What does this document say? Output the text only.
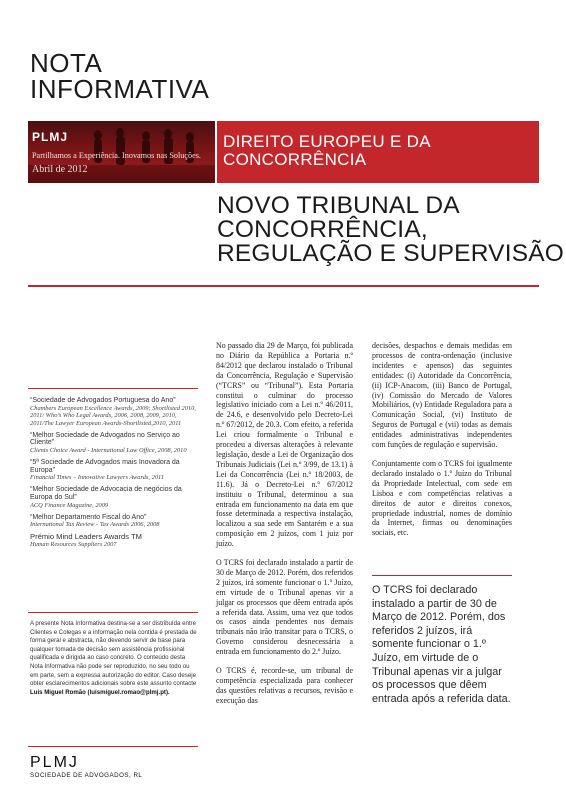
NOTA
INFORMATIVA
PLMJ
Partilhamos a Experiência. Inovamos nas Soluções.
Abril de 2012
DIREITO EUROPEU E DA
CONCORRÊNCIA
NOVO TRIBUNAL DA
CONCORRÊNCIA,
REGULAÇÃO E SUPERVISÃO
“Sociedade de Advogados Portuguesa do Ano”
Chambers European Excellence Awards, 2009; Shortlisted 2010, 2011/ Who’s Who Legal Awards, 2006, 2008, 2009, 2010, 2011/The Lawyer European Awards-Shortlisted,2010, 2011
“Melhor Sociedade de Advogados no Serviço ao Cliente”
Clients Choice Award - International Law Office, 2008, 2010
“5ª Sociedade de Advogados mais Inovadora da Europa”
Financial Times – Innovative Lawyers Awards, 2011
“Melhor Sociedade de Advocacia de negócios da Europa do Sul”
ACQ Finance Magazine, 2009
“Melhor Departamento Fiscal do Ano”
International Tax Review - Tax Awards 2006, 2008
Prémio Mind Leaders Awards TM
Human Resources Suppliers 2007
A presente Nota Informativa destina-se a ser distribuída entre Clientes e Colegas e a informação nela contida é prestada de forma geral e abstracta, não devendo servir de base para qualquer tomada de decisão sem assistência profissional qualificada e dirigida ao caso concreto. O conteúdo desta Nota Informativa não pode ser reproduzido, no seu todo ou em parte, sem a expressa autorização do editor. Caso deseje obter esclarecimentos adicionais sobre este assunto contacte Luís Miguel Romão (luismiguel.romao@plmj.pt).
PLMJ
SOCIEDADE DE ADVOGADOS, RL

No passado dia 29 de Março, foi publicada no Diário da República a Portaria n.º 84/2012 que declarou instalado o Tribunal da Concorrência, Regulação e Supervisão (“TCRS” ou “Tribunal”). Esta Portaria constitui o culminar do processo legislativo iniciado com a Lei n.º 46/2011, de 24.6, e desenvolvido pelo Decreto-Lei n.º 67/2012, de 20.3. Com efeito, a referida Lei criou formalmente o Tribunal e procedeu a diversas alterações à relevante legislação, desde a Lei de Organização dos Tribunais Judiciais (Lei n.º 3/99, de 13.1) à Lei da Concorrência (Lei n.º 18/2003, de 11.6). Já o Decreto-Lei n.º 67/2012 instituiu o Tribunal, determinou a sua entrada em funcionamento na data em que fosse determinada a respectiva instalação, localizou a sua sede em Santarém e a sua composição em 2 juízos, com 1 juiz por juízo.

O TCRS foi declarado instalado a partir de 30 de Março de 2012. Porém, dos referidos 2 juízos, irá somente funcionar o 1.º Juízo, em virtude de o Tribunal apenas vir a julgar os processos que dêem entrada após a referida data. Assim, uma vez que todos os casos ainda pendentes nos demais tribunais não irão transitar para o TCRS, o Governo considerou desnecessária a entrada em funcionamento do 2.º Juízo.

O TCRS é, recorde-se, um tribunal de competência especializada para conhecer das questões relativas a recursos, revisão e execução das

decisões, despachos e demais medidas em processos de contra-ordenação (inclusive incidentes e apensos) das seguintes entidades: (i) Autoridade da Concorrência, (ii) ICP-Anacom, (iii) Banco de Portugal, (iv) Comissão do Mercado de Valores Mobiliários, (v) Entidade Reguladora para a Comunicação Social, (vi) Instituto de Seguros de Portugal e (vii) todas as demais entidades administrativas independentes com funções de regulação e supervisão.

Conjuntamente com o TCRS foi igualmente declarado instalado o 1.º Juízo do Tribunal da Propriedade Intelectual, com sede em Lisboa e com competências relativas a direitos de autor e direitos conexos, propriedade industrial, nomes de domínio da Internet, firmas ou denominações sociais, etc.

O TCRS foi declarado instalado a partir de 30 de Março de 2012. Porém, dos referidos 2 juízos, irá somente funcionar o 1.º Juízo, em virtude de o Tribunal apenas vir a julgar os processos que dêem entrada após a referida data.
